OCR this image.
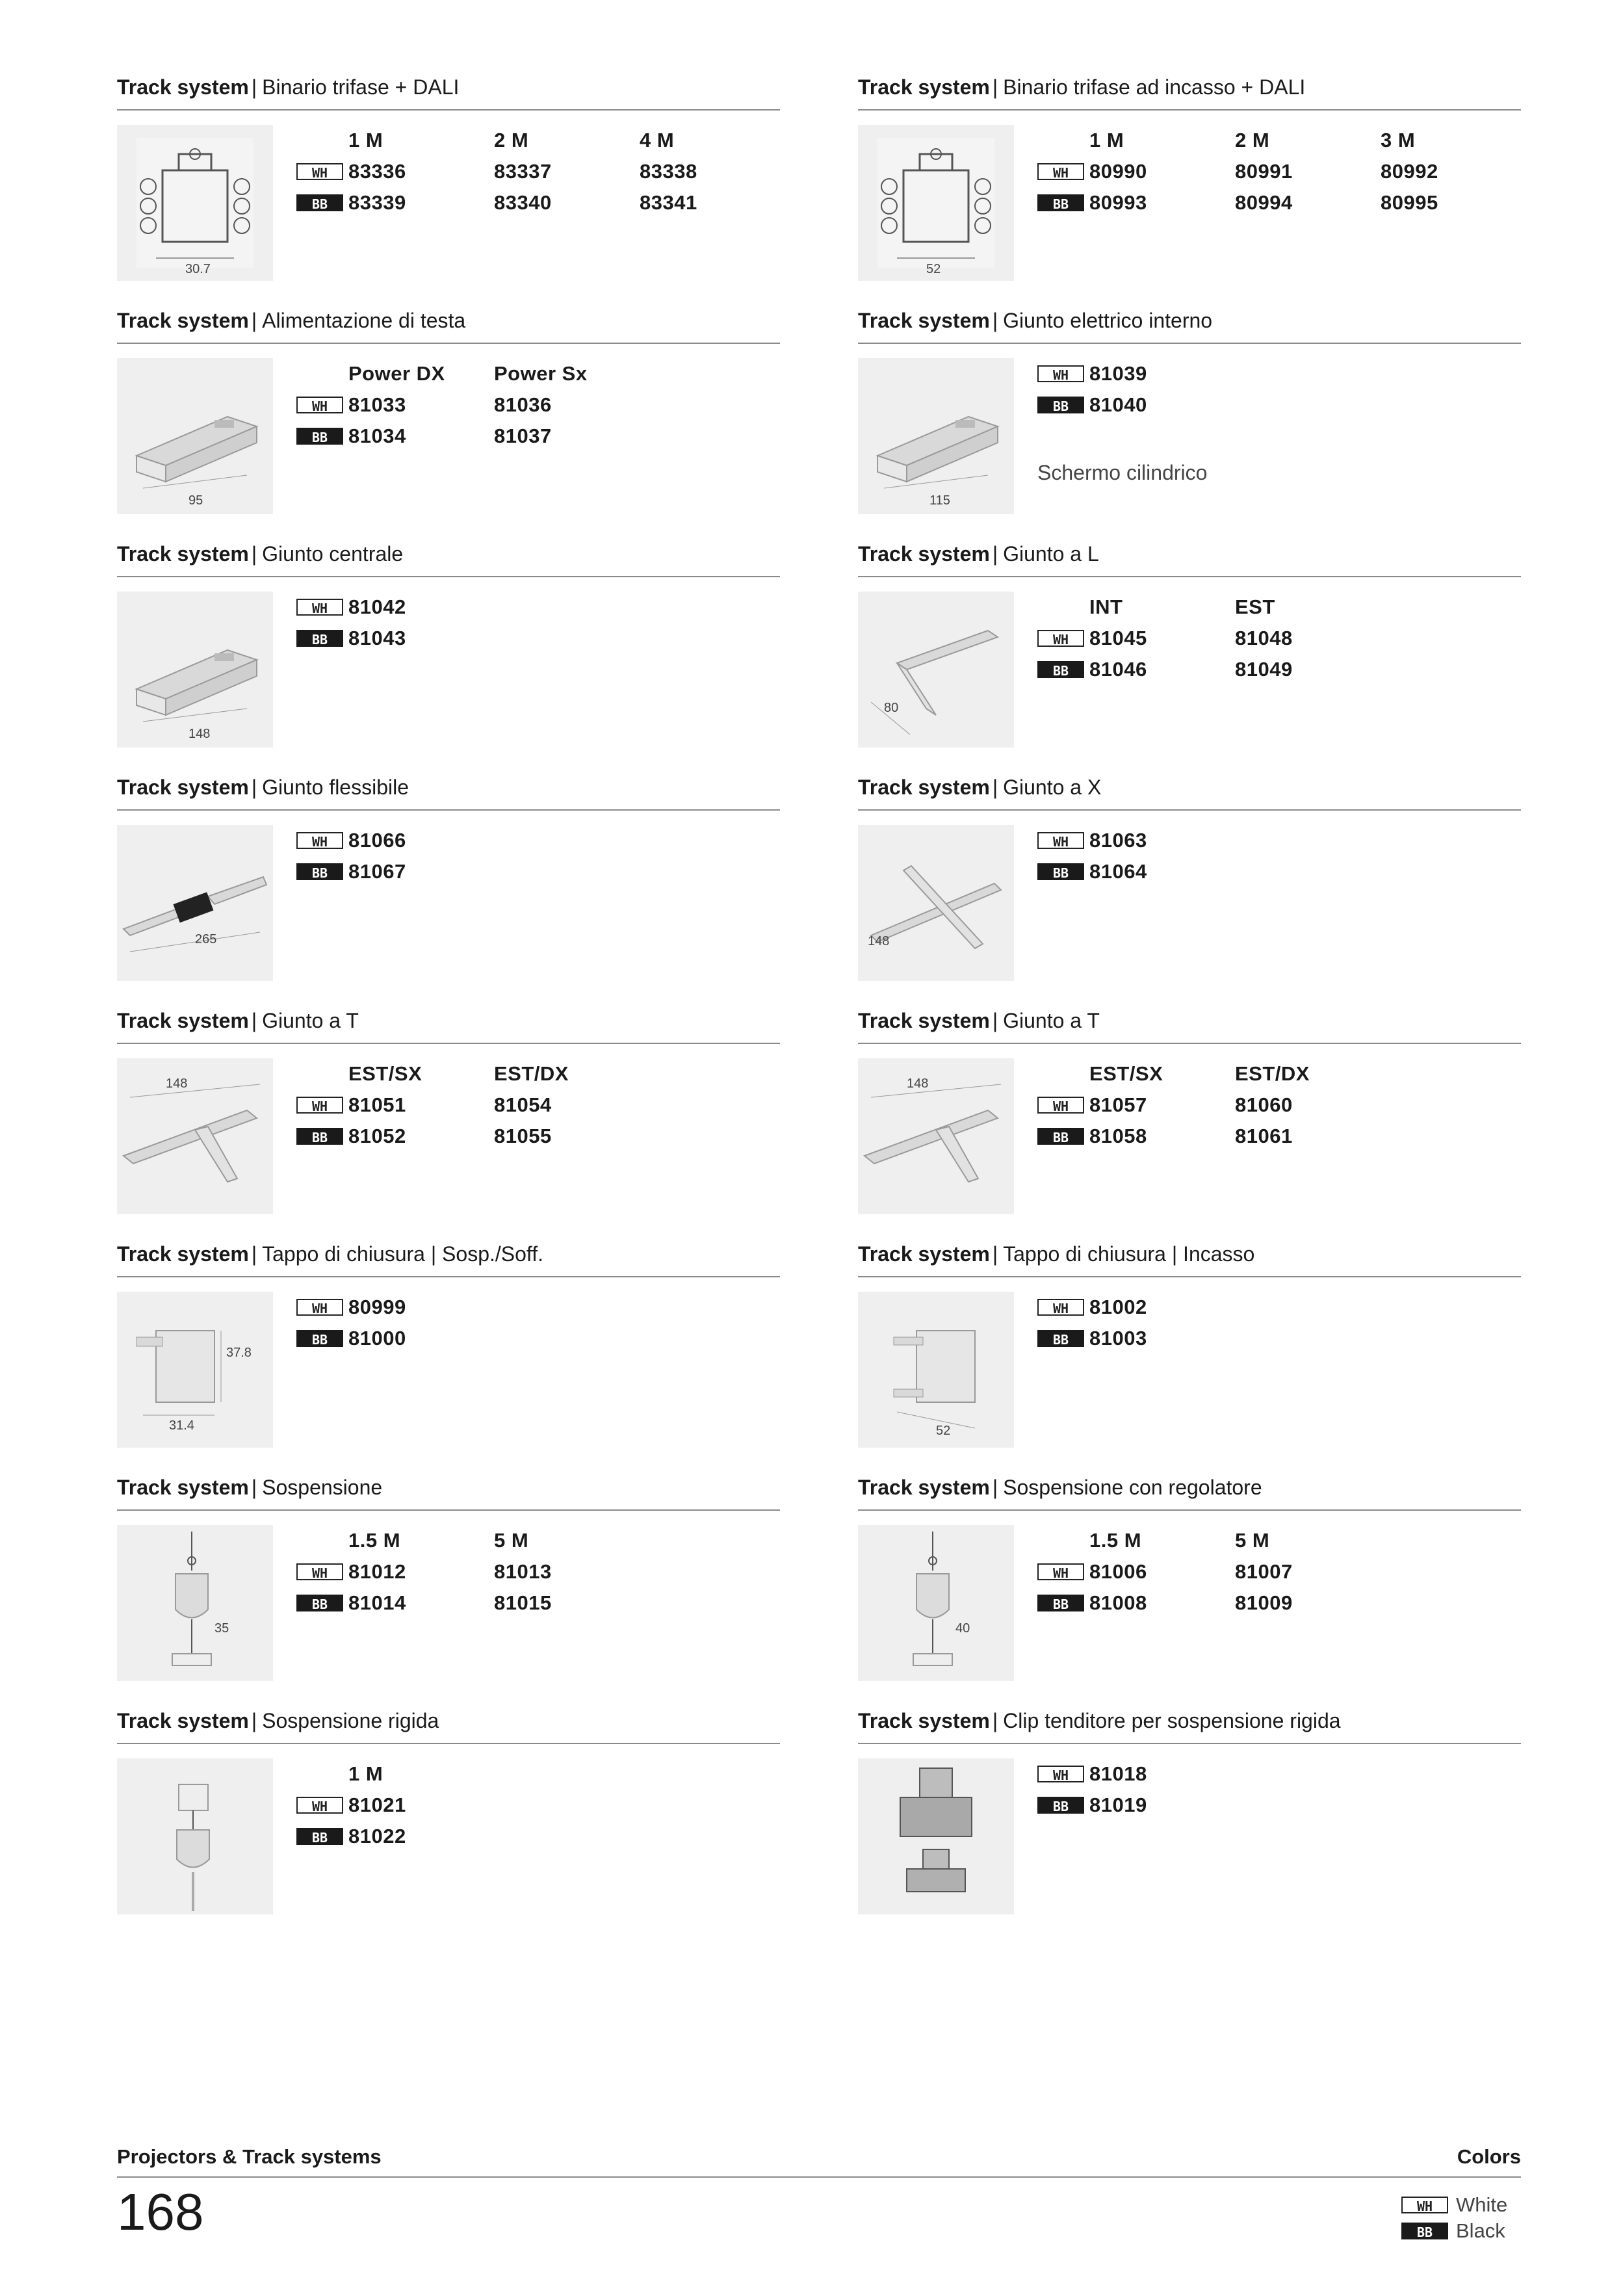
Track system | Binario trifase + DALI
30.7
1 M	2 M	4 M
WH	83336	83337	83338
BB	83339	83340	83341
Track system | Alimentazione di testa
95
Power DX	Power Sx
WH	81033	81036
BB	81034	81037
Track system | Giunto centrale
148
WH	81042
BB	81043
Track system | Giunto flessibile
265
WH	81066
BB	81067
Track system | Giunto a T
148	EST/SX	EST/DX
WH	81051	81054
BB	81052	81055
Track system | Tappo di chiusura | Sosp./Soff.
37.8
31.4
WH	80999
BB	81000
Track system | Sospensione
35
1.5 M	5 M
WH	81012	81013
BB	81014	81015
Track system | Sospensione rigida
1 M
WH	81021
BB	81022
Track system | Binario trifase ad incasso + DALI
52
1 M	2 M	3 M
WH	80990	80991	80992
BB	80993	80994	80995
Track system | Giunto elettrico interno
115
WH	81039
BB	81040
Schermo cilindrico
Track system | Giunto a L
80
INT	EST
WH	81045	81048
BB	81046	81049
Track system | Giunto a X
148
WH	81063
BB	81064
Track system | Giunto a T
148	EST/SX	EST/DX
WH	81057	81060
BB	81058	81061
Track system | Tappo di chiusura | Incasso
52
WH	81002
BB	81003
Track system | Sospensione con regolatore
40
1.5 M	5 M
WH	81006	81007
BB	81008	81009
Track system | Clip tenditore per sospensione rigida
WH	81018
BB	81019
Projectors & Track systems	Colors
168	WH	White
BB	Black
